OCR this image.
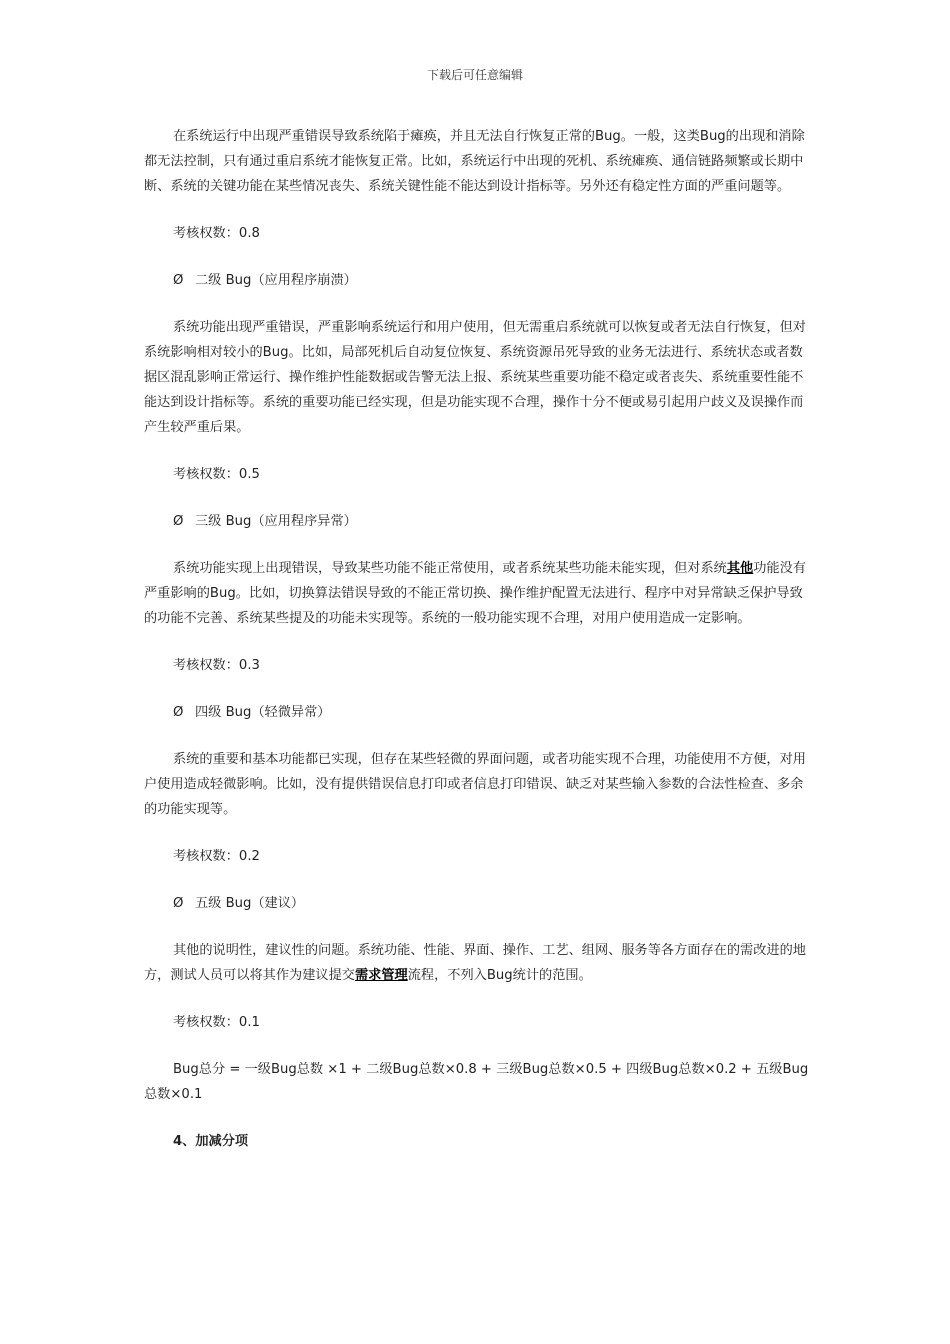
下载后可任意编辑

在系统运行中出现严重错误导致系统陷于瘫痪，并且无法自行恢复正常的Bug。一般，这类Bug的出现和消除都无法控制，只有通过重启系统才能恢复正常。比如，系统运行中出现的死机、系统瘫痪、通信链路频繁或长期中断、系统的关键功能在某些情况丧失、系统关键性能不能达到设计指标等。另外还有稳定性方面的严重问题等。

考核权数：0.8

Ø 二级 Bug（应用程序崩溃）

系统功能出现严重错误，严重影响系统运行和用户使用，但无需重启系统就可以恢复或者无法自行恢复，但对系统影响相对较小的Bug。比如，局部死机后自动复位恢复、系统资源吊死导致的业务无法进行、系统状态或者数据区混乱影响正常运行、操作维护性能数据或告警无法上报、系统某些重要功能不稳定或者丧失、系统重要性能不能达到设计指标等。系统的重要功能已经实现，但是功能实现不合理，操作十分不便或易引起用户歧义及误操作而产生较严重后果。

考核权数：0.5

Ø 三级 Bug（应用程序异常）

系统功能实现上出现错误，导致某些功能不能正常使用，或者系统某些功能未能实现，但对系统其他功能没有严重影响的Bug。比如，切换算法错误导致的不能正常切换、操作维护配置无法进行、程序中对异常缺乏保护导致的功能不完善、系统某些提及的功能未实现等。系统的一般功能实现不合理，对用户使用造成一定影响。

考核权数：0.3

Ø 四级 Bug（轻微异常）

系统的重要和基本功能都已实现，但存在某些轻微的界面问题，或者功能实现不合理，功能使用不方便，对用户使用造成轻微影响。比如，没有提供错误信息打印或者信息打印错误、缺乏对某些输入参数的合法性检查、多余的功能实现等。

考核权数：0.2

Ø 五级 Bug（建议）

其他的说明性，建议性的问题。系统功能、性能、界面、操作、工艺、组网、服务等各方面存在的需改进的地方，测试人员可以将其作为建议提交需求管理流程，不列入Bug统计的范围。

考核权数：0.1

Bug总分 = 一级Bug总数 ×1 + 二级Bug总数×0.8 + 三级Bug总数×0.5 + 四级Bug总数×0.2 + 五级Bug总数×0.1

4、加减分项
